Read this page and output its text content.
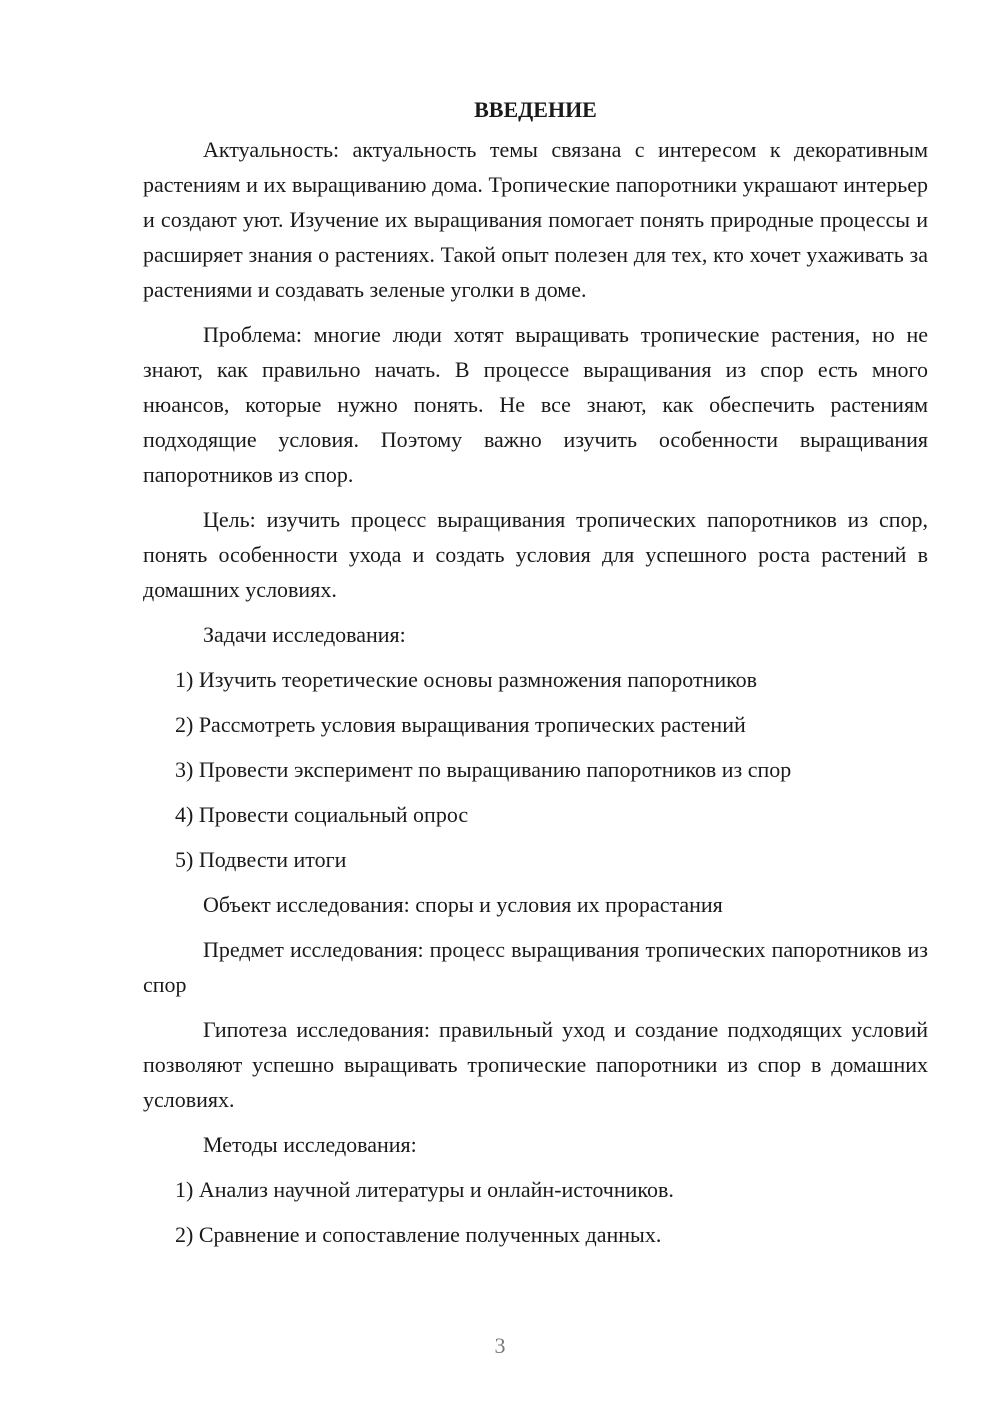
ВВЕДЕНИЕ

Актуальность: актуальность темы связана с интересом к декоративным растениям и их выращиванию дома. Тропические папоротники украшают интерьер и создают уют. Изучение их выращивания помогает понять природные процессы и расширяет знания о растениях. Такой опыт полезен для тех, кто хочет ухаживать за растениями и создавать зеленые уголки в доме.

Проблема: многие люди хотят выращивать тропические растения, но не знают, как правильно начать. В процессе выращивания из спор есть много нюансов, которые нужно понять. Не все знают, как обеспечить растениям подходящие условия. Поэтому важно изучить особенности выращивания папоротников из спор.

Цель: изучить процесс выращивания тропических папоротников из спор, понять особенности ухода и создать условия для успешного роста растений в домашних условиях.

Задачи исследования:

1) Изучить теоретические основы размножения папоротников

2) Рассмотреть условия выращивания тропических растений

3) Провести эксперимент по выращиванию папоротников из спор

4) Провести социальный опрос

5) Подвести итоги

Объект исследования: споры и условия их прорастания

Предмет исследования: процесс выращивания тропических папоротников из спор

Гипотеза исследования: правильный уход и создание подходящих условий позволяют успешно выращивать тропические папоротники из спор в домашних условиях.

Методы исследования:

1) Анализ научной литературы и онлайн-источников.

2) Сравнение и сопоставление полученных данных.

3
